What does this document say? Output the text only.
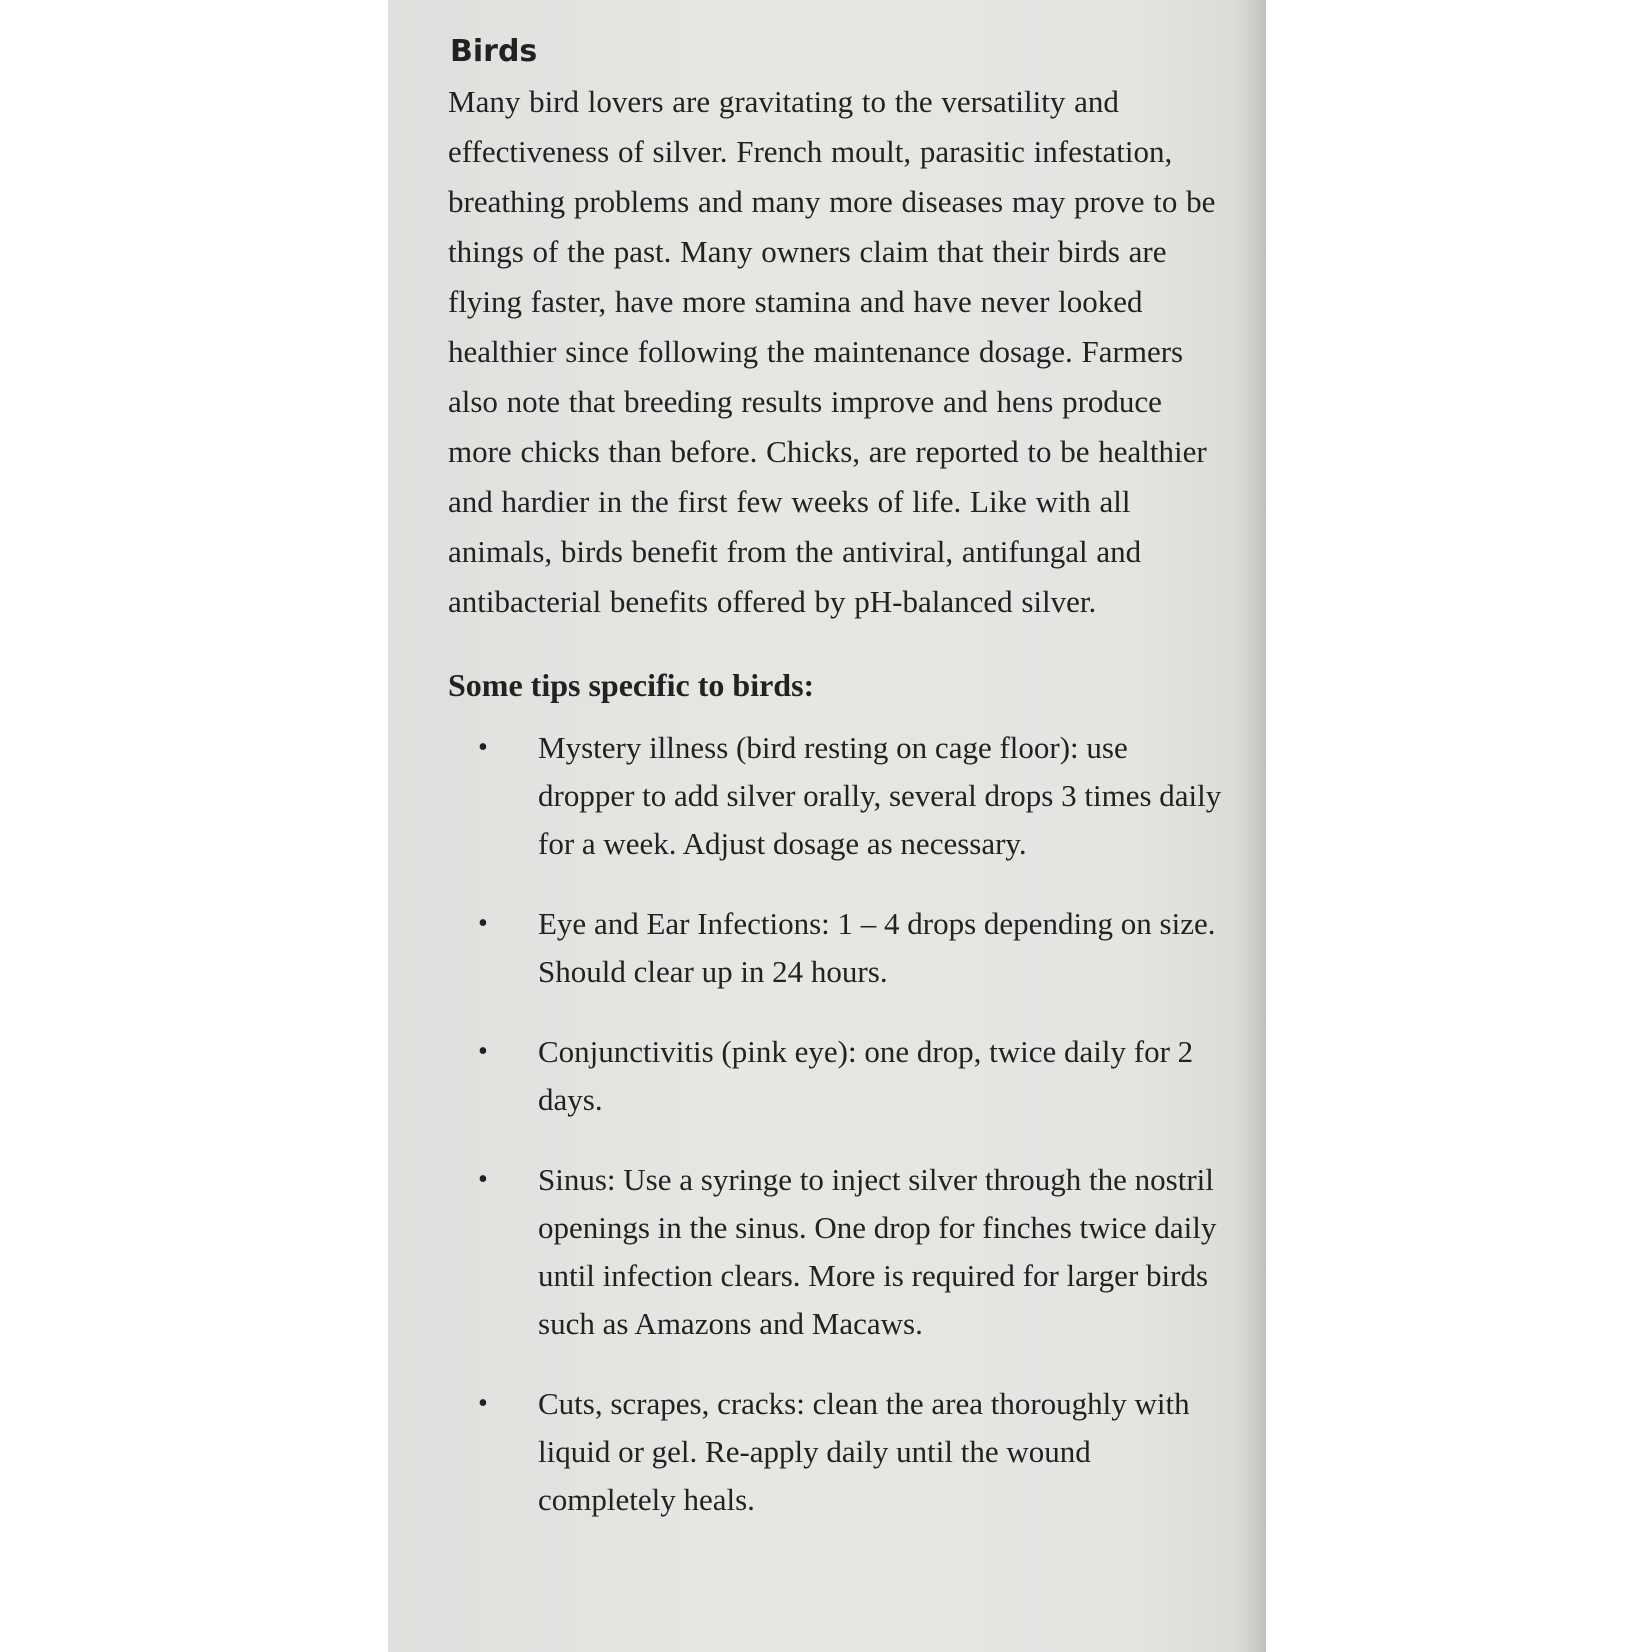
Birds

Many bird lovers are gravitating to the versatility and effectiveness of silver. French moult, parasitic infestation, breathing problems and many more diseases may prove to be things of the past. Many owners claim that their birds are flying faster, have more stamina and have never looked healthier since following the maintenance dosage. Farmers also note that breeding results improve and hens produce more chicks than before. Chicks, are reported to be healthier and hardier in the first few weeks of life. Like with all animals, birds benefit from the antiviral, antifungal and antibacterial benefits offered by pH-balanced silver.

Some tips specific to birds:
• Mystery illness (bird resting on cage floor): use dropper to add silver orally, several drops 3 times daily for a week. Adjust dosage as necessary.
• Eye and Ear Infections: 1 – 4 drops depending on size. Should clear up in 24 hours.
• Conjunctivitis (pink eye): one drop, twice daily for 2 days.
• Sinus: Use a syringe to inject silver through the nostril openings in the sinus. One drop for finches twice daily until infection clears. More is required for larger birds such as Amazons and Macaws.
• Cuts, scrapes, cracks: clean the area thoroughly with liquid or gel. Re-apply daily until the wound completely heals.
